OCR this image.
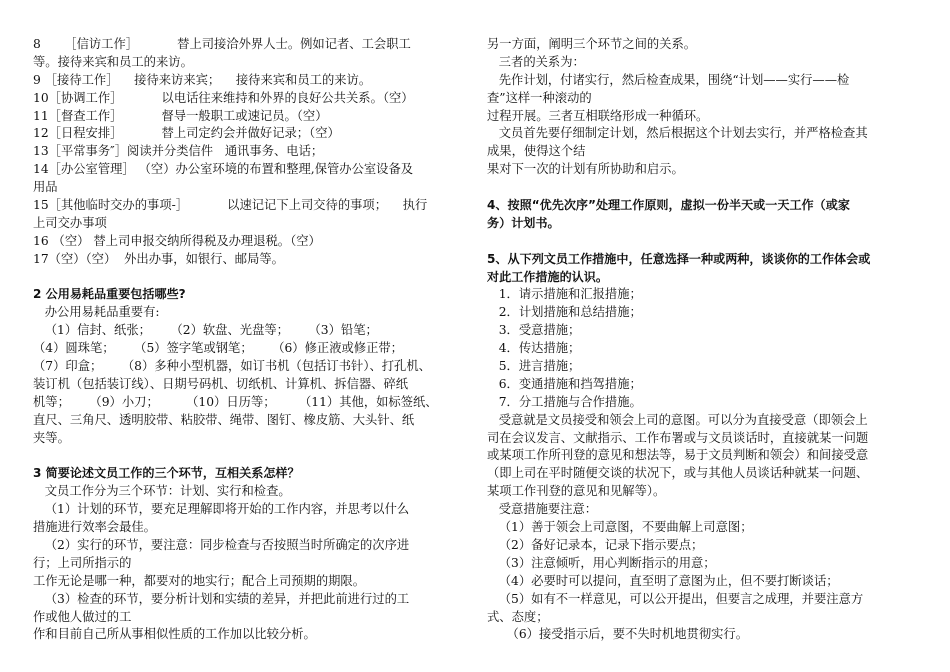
8      ［信访工作］          替上司接洽外界人士。例如记者、工会职工
等。接待来宾和员工的来访。
9 ［接待工作］    接待来访来宾；    接待来宾和员工的来访。
10［协调工作］          以电话往来维持和外界的良好公共关系。（空）
11［督查工作］          督导一般职工或速记员。（空）
12［日程安排］          替上司定约会并做好记录；（空）
13［平常事务″］阅读并分类信件   通讯事务、电话；
14［办公室管理］ （空）办公室环境的布置和整理,保管办公室设备及
用品
15［其他临时交办的事项-］          以速记记下上司交待的事项；    执行
上司交办事项
16 （空） 替上司申报交纳所得税及办理退税。（空）
17（空）（空）  外出办事，如银行、邮局等。
2 公用易耗品重要包括哪些?
办公用易耗品重要有:
（1）信封、纸张；     （2）软盘、光盘等；     （3）铅笔；
（4）圆珠笔；     （5）签字笔或钢笔；     （6）修正液或修正带；
（7）印盒；     （8）多种小型机器，如订书机（包括订书针）、打孔机、
装订机（包括装订线）、日期号码机、切纸机、计算机、拆信器、碎纸
机等；     （9）小刀；       （10）日历等；      （11）其他，如标签纸、
直尺、三角尺、透明胶带、粘胶带、绳带、图钉、橡皮筋、大头针、纸
夹等。
3 简要论述文员工作的三个环节，互相关系怎样？
文员工作分为三个环节：计划、实行和检查。
（1）计划的环节，要充足理解即将开始的工作内容，并思考以什么
措施进行效率会最佳。
（2）实行的环节，要注意：同步检查与否按照当时所确定的次序进
行；上司所指示的
工作无论是哪一种，都要对的地实行；配合上司预期的期限。
（3）检查的环节，要分析计划和实绩的差异，并把此前进行过的工
作或他人做过的工
作和目前自己所从事相似性质的工作加以比较分析。
另一方面，阐明三个环节之间的关系。
三者的关系为：
先作计划，付诸实行，然后检查成果，围绕“计划——实行——检
查”这样一种滚动的
过程开展。三者互相联络形成一种循环。
文员首先要仔细制定计划，然后根据这个计划去实行，并严格检查其
成果，使得这个结
果对下一次的计划有所协助和启示。
4、按照“优先次序”处理工作原则，虚拟一份半天或一天工作（或家
务）计划书。
5、从下列文员工作措施中，任意选择一种或两种，谈谈你的工作体会或
对此工作措施的认识。
1．请示措施和汇报措施；
2．计划措施和总结措施；
3．受意措施；
4．传达措施；
5．进言措施；
6．变通措施和挡驾措施；
7．分工措施与合作措施。
受意就是文员接受和领会上司的意图。可以分为直接受意（即领会上
司在会议发言、文献指示、工作布署或与文员谈话时，直接就某一问题
或某项工作所刊登的意见和想法等，易于文员判断和领会）和间接受意
（即上司在平时随便交谈的状况下，或与其他人员谈话种就某一问题、
某项工作刊登的意见和见解等）。
受意措施要注意：
（1）善于领会上司意图，不要曲解上司意图；
（2）备好记录本，记录下指示要点；
（3）注意倾听，用心判断指示的用意；
（4）必要时可以提问，直至明了意图为止，但不要打断谈话；
（5）如有不一样意见，可以公开提出，但要言之成理，并要注意方
式、态度；
（6）接受指示后，要不失时机地贯彻实行。
